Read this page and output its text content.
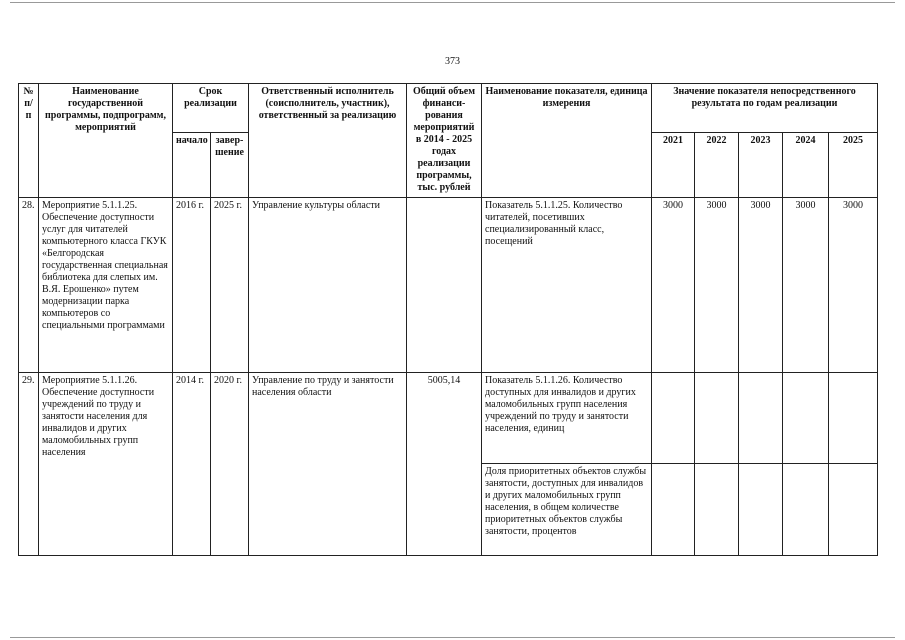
373
№ п/п	Наименование государственной программы, подпрограмм, мероприятий	Срок реализации		Ответственный исполнитель (соисполнитель, участник), ответственный за реализацию	Общий объем финанси-рования мероприятий в 2014 - 2025 годах реализации программы, тыс. рублей	Наименование показателя, единица измерения	Значение показателя непосредственного результата по годам реализации				
		начало	завер-шение				2021	2022	2023	2024	2025
28.	Мероприятие 5.1.1.25. Обеспечение доступности услуг для читателей компьютерного класса ГКУК «Белгородская государственная специальная библиотека для слепых им. В.Я. Ерошенко» путем модернизации парка компьютеров со специальными программами	2016 г.	2025 г.	Управление культуры области		Показатель 5.1.1.25. Количество читателей, посетивших специализированный класс, посещений	3000	3000	3000	3000	3000
29.	Мероприятие 5.1.1.26. Обеспечение доступности учреждений по труду и занятости населения для инвалидов и других маломобильных групп населения	2014 г.	2020 г.	Управление по труду и занятости населения области	5005,14	Показатель 5.1.1.26. Количество доступных для инвалидов и других маломобильных групп населения учреждений по труду и занятости населения, единиц					
						Доля приоритетных объектов службы занятости, доступных для инвалидов и других маломобильных групп населения, в общем количестве приоритетных объектов службы занятости, процентов					
